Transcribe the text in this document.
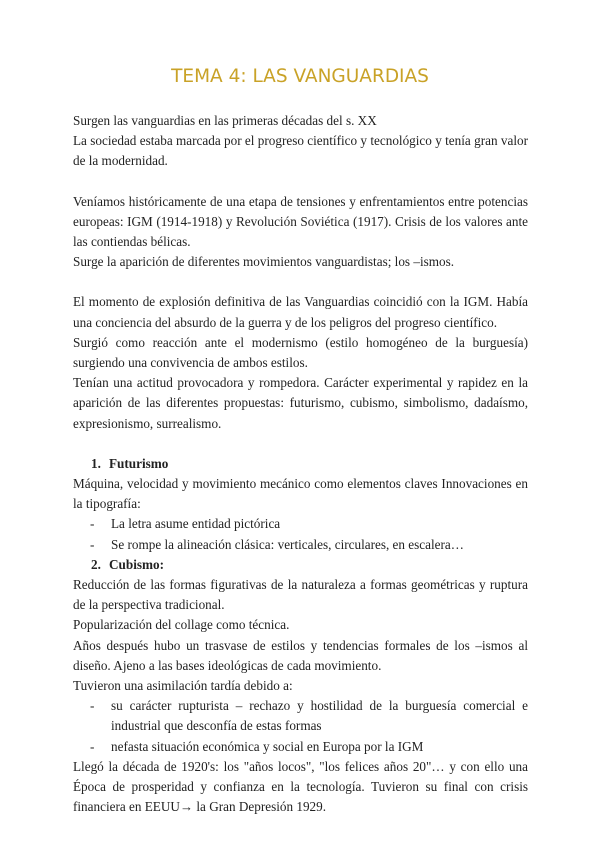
TEMA 4: LAS VANGUARDIAS

Surgen las vanguardias en las primeras décadas del s. XX

La sociedad estaba marcada por el progreso científico y tecnológico y tenía gran valor de la modernidad.

Veníamos históricamente de una etapa de tensiones y enfrentamientos entre potencias europeas: IGM (1914-1918) y Revolución Soviética (1917). Crisis de los valores ante las contiendas bélicas.

Surge la aparición de diferentes movimientos vanguardistas; los –ismos.

El momento de explosión definitiva de las Vanguardias coincidió con la IGM. Había una conciencia del absurdo de la guerra y de los peligros del progreso científico.

Surgió como reacción ante el modernismo (estilo homogéneo de la burguesía) surgiendo una convivencia de ambos estilos.

Tenían una actitud provocadora y rompedora. Carácter experimental y rapidez en la aparición de las diferentes propuestas: futurismo, cubismo, simbolismo, dadaísmo, expresionismo, surrealismo.

1. Futurismo

Máquina, velocidad y movimiento mecánico como elementos claves Innovaciones en la tipografía:

- La letra asume entidad pictórica
- Se rompe la alineación clásica: verticales, circulares, en escalera…

2. Cubismo:

Reducción de las formas figurativas de la naturaleza a formas geométricas y ruptura de la perspectiva tradicional.

Popularización del collage como técnica.

Años después hubo un trasvase de estilos y tendencias formales de los –ismos al diseño. Ajeno a las bases ideológicas de cada movimiento.

Tuvieron una asimilación tardía debido a:

- su carácter rupturista – rechazo y hostilidad de la burguesía comercial e industrial que desconfía de estas formas
- nefasta situación económica y social en Europa por la IGM

Llegó la década de 1920's: los "años locos", "los felices años 20"… y con ello una Época de prosperidad y confianza en la tecnología. Tuvieron su final con crisis financiera en EEUU→ la Gran Depresión 1929.
